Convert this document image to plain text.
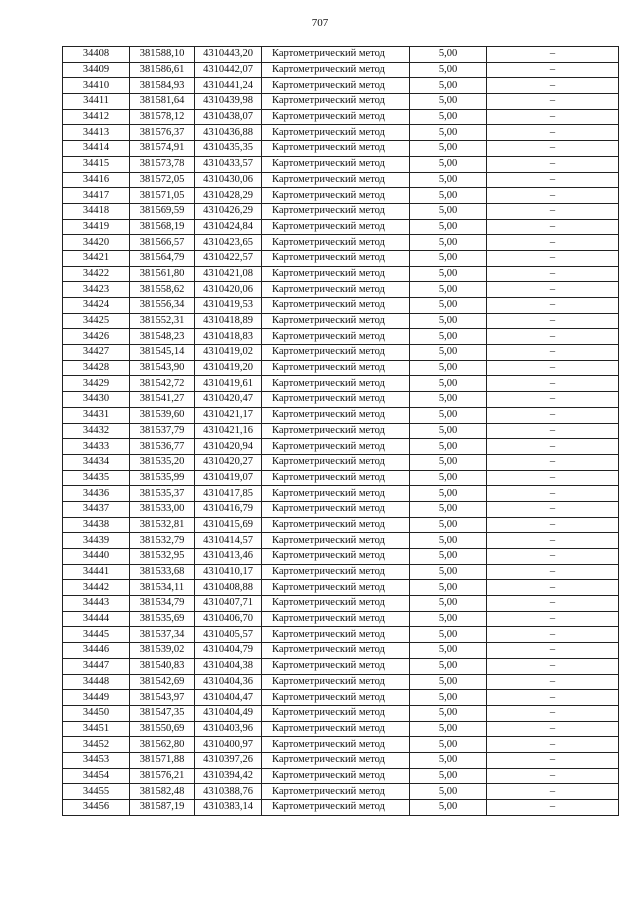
707
34408	381588,10	4310443,20	Картометрический метод	5,00	–
34409	381586,61	4310442,07	Картометрический метод	5,00	–
34410	381584,93	4310441,24	Картометрический метод	5,00	–
34411	381581,64	4310439,98	Картометрический метод	5,00	–
34412	381578,12	4310438,07	Картометрический метод	5,00	–
34413	381576,37	4310436,88	Картометрический метод	5,00	–
34414	381574,91	4310435,35	Картометрический метод	5,00	–
34415	381573,78	4310433,57	Картометрический метод	5,00	–
34416	381572,05	4310430,06	Картометрический метод	5,00	–
34417	381571,05	4310428,29	Картометрический метод	5,00	–
34418	381569,59	4310426,29	Картометрический метод	5,00	–
34419	381568,19	4310424,84	Картометрический метод	5,00	–
34420	381566,57	4310423,65	Картометрический метод	5,00	–
34421	381564,79	4310422,57	Картометрический метод	5,00	–
34422	381561,80	4310421,08	Картометрический метод	5,00	–
34423	381558,62	4310420,06	Картометрический метод	5,00	–
34424	381556,34	4310419,53	Картометрический метод	5,00	–
34425	381552,31	4310418,89	Картометрический метод	5,00	–
34426	381548,23	4310418,83	Картометрический метод	5,00	–
34427	381545,14	4310419,02	Картометрический метод	5,00	–
34428	381543,90	4310419,20	Картометрический метод	5,00	–
34429	381542,72	4310419,61	Картометрический метод	5,00	–
34430	381541,27	4310420,47	Картометрический метод	5,00	–
34431	381539,60	4310421,17	Картометрический метод	5,00	–
34432	381537,79	4310421,16	Картометрический метод	5,00	–
34433	381536,77	4310420,94	Картометрический метод	5,00	–
34434	381535,20	4310420,27	Картометрический метод	5,00	–
34435	381535,99	4310419,07	Картометрический метод	5,00	–
34436	381535,37	4310417,85	Картометрический метод	5,00	–
34437	381533,00	4310416,79	Картометрический метод	5,00	–
34438	381532,81	4310415,69	Картометрический метод	5,00	–
34439	381532,79	4310414,57	Картометрический метод	5,00	–
34440	381532,95	4310413,46	Картометрический метод	5,00	–
34441	381533,68	4310410,17	Картометрический метод	5,00	–
34442	381534,11	4310408,88	Картометрический метод	5,00	–
34443	381534,79	4310407,71	Картометрический метод	5,00	–
34444	381535,69	4310406,70	Картометрический метод	5,00	–
34445	381537,34	4310405,57	Картометрический метод	5,00	–
34446	381539,02	4310404,79	Картометрический метод	5,00	–
34447	381540,83	4310404,38	Картометрический метод	5,00	–
34448	381542,69	4310404,36	Картометрический метод	5,00	–
34449	381543,97	4310404,47	Картометрический метод	5,00	–
34450	381547,35	4310404,49	Картометрический метод	5,00	–
34451	381550,69	4310403,96	Картометрический метод	5,00	–
34452	381562,80	4310400,97	Картометрический метод	5,00	–
34453	381571,88	4310397,26	Картометрический метод	5,00	–
34454	381576,21	4310394,42	Картометрический метод	5,00	–
34455	381582,48	4310388,76	Картометрический метод	5,00	–
34456	381587,19	4310383,14	Картометрический метод	5,00	–
